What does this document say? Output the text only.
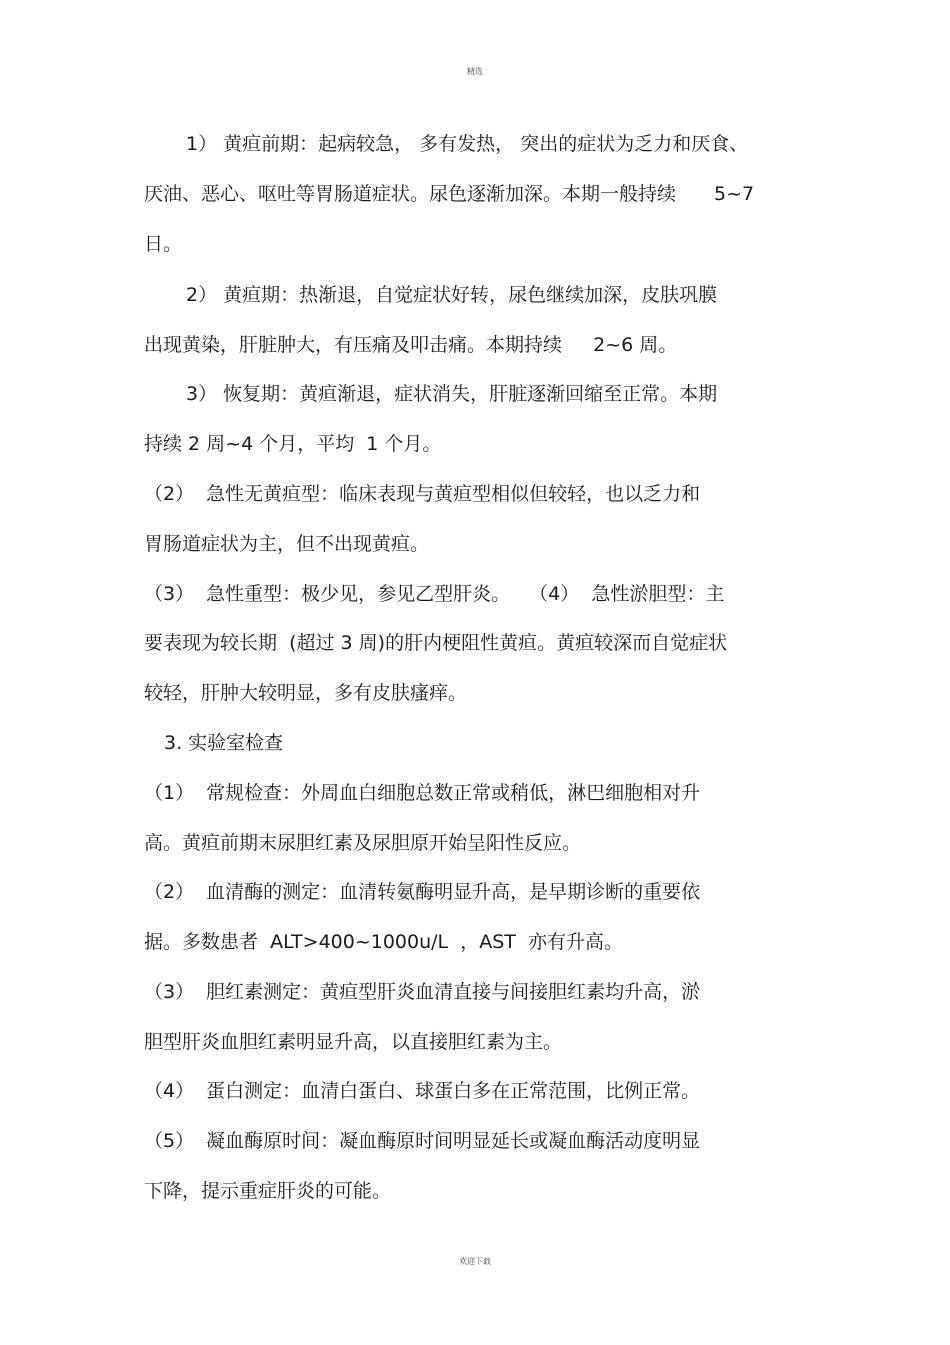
精选
1） 黄疸前期：起病较急， 多有发热， 突出的症状为乏力和厌食、
厌油、恶心、呕吐等胃肠道症状。尿色逐渐加深。本期一般持续　　5~7
日。
2） 黄疸期：热渐退，自觉症状好转，尿色继续加深，皮肤巩膜
出现黄染，肝脏肿大，有压痛及叩击痛。本期持续　  2~6 周。
3） 恢复期：黄疸渐退，症状消失，肝脏逐渐回缩至正常。本期
持续 2 周~4 个月，平均  1 个月。
（2）  急性无黄疸型：临床表现与黄疸型相似但较轻，也以乏力和
胃肠道症状为主，但不出现黄疸。
（3）  急性重型：极少见，参见乙型肝炎。　　（4）  急性淤胆型：主
要表现为较长期  (超过 3 周)的肝内梗阻性黄疸。黄疸较深而自觉症状
较轻，肝肿大较明显，多有皮肤瘙痒。
3. 实验室检查
（1）  常规检查：外周血白细胞总数正常或稍低，淋巴细胞相对升
高。黄疸前期末尿胆红素及尿胆原开始呈阳性反应。
（2）  血清酶的测定：血清转氨酶明显升高，是早期诊断的重要依
据。多数患者  ALT>400~1000u/L  ，AST  亦有升高。
（3）  胆红素测定：黄疸型肝炎血清直接与间接胆红素均升高，淤
胆型肝炎血胆红素明显升高，以直接胆红素为主。
（4）  蛋白测定：血清白蛋白、球蛋白多在正常范围，比例正常。
（5）  凝血酶原时间：凝血酶原时间明显延长或凝血酶活动度明显
下降，提示重症肝炎的可能。
欢迎下载
